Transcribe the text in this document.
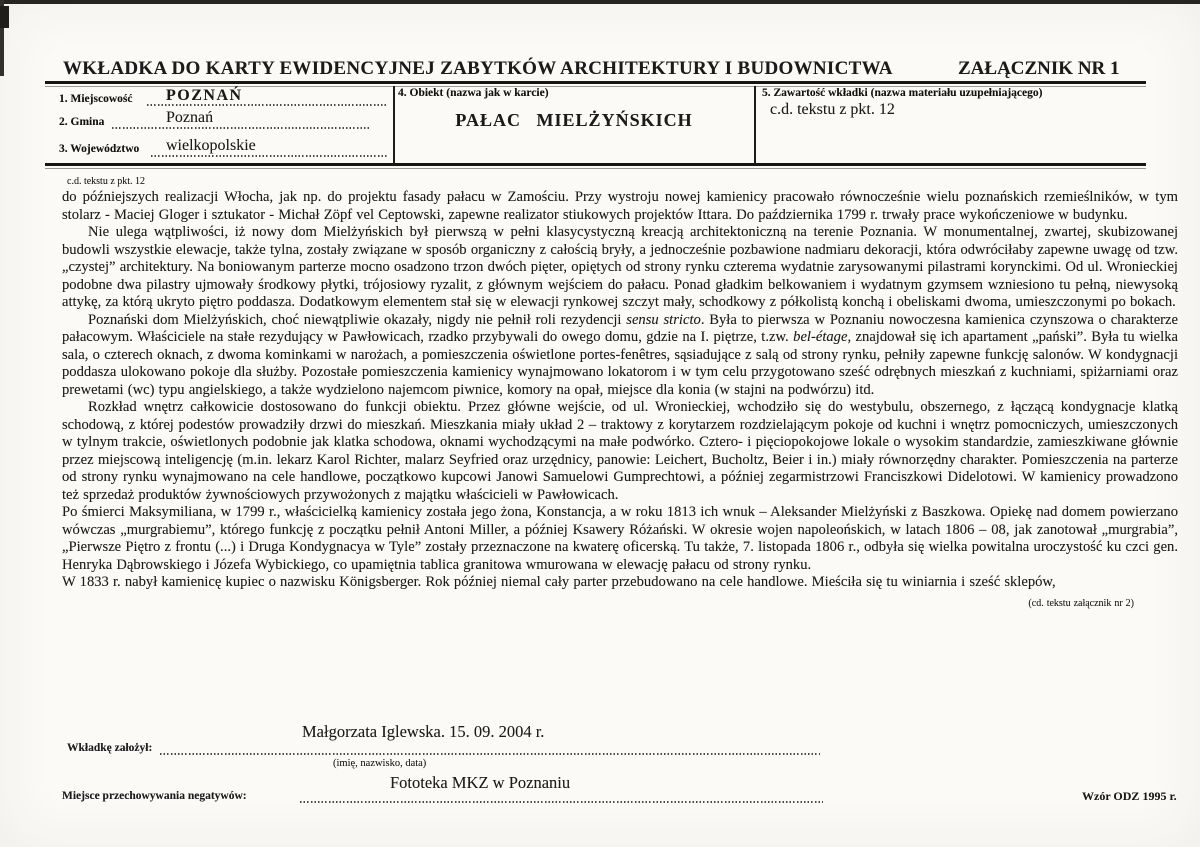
WKŁADKA DO KARTY EWIDENCYJNEJ ZABYTKÓW ARCHITEKTURY I BUDOWNICTWA	ZAŁĄCZNIK NR 1
1. Miejscowość POZNAŃ
2. Gmina	Poznań
3. Województwo wielkopolskie
4. Obiekt (nazwa jak w karcie)
PAŁAC MIELŻYŃSKICH
5. Zawartość wkładki (nazwa materiału uzupełniającego)
c.d. tekstu z pkt. 12
c.d. tekstu z pkt. 12

do późniejszych realizacji Włocha, jak np. do projektu fasady pałacu w Zamościu. Przy wystroju nowej kamienicy pracowało równocześnie wielu poznańskich rzemieślników, w tym stolarz - Maciej Gloger i sztukator - Michał Zöpf vel Ceptowski, zapewne realizator stiukowych projektów Ittara. Do października 1799 r. trwały prace wykończeniowe w budynku.

Nie ulega wątpliwości, iż nowy dom Mielżyńskich był pierwszą w pełni klasycystyczną kreacją architektoniczną na terenie Poznania. W monumentalnej, zwartej, skubizowanej budowli wszystkie elewacje, także tylna, zostały związane w sposób organiczny z całością bryły, a jednocześnie pozbawione nadmiaru dekoracji, która odwróciłaby zapewne uwagę od tzw. „czystej” architektury. Na boniowanym parterze mocno osadzono trzon dwóch pięter, opiętych od strony rynku czterema wydatnie zarysowanymi pilastrami korynckimi. Od ul. Wronieckiej podobne dwa pilastry ujmowały środkowy płytki, trójosiowy ryzalit, z głównym wejściem do pałacu. Ponad gładkim belkowaniem i wydatnym gzymsem wzniesiono tu pełną, niewysoką attykę, za którą ukryto piętro poddasza. Dodatkowym elementem stał się w elewacji rynkowej szczyt mały, schodkowy z półkolistą konchą i obeliskami dwoma, umieszczonymi po bokach.

Poznański dom Mielżyńskich, choć niewątpliwie okazały, nigdy nie pełnił roli rezydencji sensu stricto. Była to pierwsza w Poznaniu nowoczesna kamienica czynszowa o charakterze pałacowym. Właściciele na stałe rezydujący w Pawłowicach, rzadko przybywali do owego domu, gdzie na I. piętrze, t.zw. bel-étage, znajdował się ich apartament „pański”. Była tu wielka sala, o czterech oknach, z dwoma kominkami w narożach, a pomieszczenia oświetlone portes-fenêtres, sąsiadujące z salą od strony rynku, pełniły zapewne funkcję salonów. W kondygnacji poddasza ulokowano pokoje dla służby. Pozostałe pomieszczenia kamienicy wynajmowano lokatorom i w tym celu przygotowano sześć odrębnych mieszkań z kuchniami, spiżarniami oraz prewetami (wc) typu angielskiego, a także wydzielono najemcom piwnice, komory na opał, miejsce dla konia (w stajni na podwórzu) itd.

Rozkład wnętrz całkowicie dostosowano do funkcji obiektu. Przez główne wejście, od ul. Wronieckiej, wchodziło się do westybulu, obszernego, z łączącą kondygnacje klatką schodową, z której podestów prowadziły drzwi do mieszkań. Mieszkania miały układ 2 – traktowy z korytarzem rozdzielającym pokoje od kuchni i wnętrz pomocniczych, umieszczonych w tylnym trakcie, oświetlonych podobnie jak klatka schodowa, oknami wychodzącymi na małe podwórko. Cztero- i pięciopokojowe lokale o wysokim standardzie, zamieszkiwane głównie przez miejscową inteligencję (m.in. lekarz Karol Richter, malarz Seyfried oraz urzędnicy, panowie: Leichert, Bucholtz, Beier i in.) miały równorzędny charakter. Pomieszczenia na parterze od strony rynku wynajmowano na cele handlowe, początkowo kupcowi Janowi Samuelowi Gumprechtowi, a później zegarmistrzowi Franciszkowi Didelotowi. W kamienicy prowadzono też sprzedaż produktów żywnościowych przywożonych z majątku właścicieli w Pawłowicach.

Po śmierci Maksymiliana, w 1799 r., właścicielką kamienicy została jego żona, Konstancja, a w roku 1813 ich wnuk – Aleksander Mielżyński z Baszkowa. Opiekę nad domem powierzano wówczas „murgrabiemu”, którego funkcję z początku pełnił Antoni Miller, a później Ksawery Różański. W okresie wojen napoleońskich, w latach 1806 – 08, jak zanotował „murgrabia”, „Pierwsze Piętro z frontu (...) i Druga Kondygnacya w Tyle” zostały przeznaczone na kwaterę oficerską. Tu także, 7. listopada 1806 r., odbyła się wielka powitalna uroczystość ku czci gen. Henryka Dąbrowskiego i Józefa Wybickiego, co upamiętnia tablica granitowa wmurowana w elewację pałacu od strony rynku.

W 1833 r. nabył kamienicę kupiec o nazwisku Königsberger. Rok później niemal cały parter przebudowano na cele handlowe. Mieściła się tu winiarnia i sześć sklepów,

(cd. tekstu załącznik nr 2)
Małgorzata Iglewska. 15. 09. 2004 r.
Wkładkę założył:
(imię, nazwisko, data)
Fototeka MKZ w Poznaniu
Miejsce przechowywania negatywów:	Wzór ODZ 1995 r.
